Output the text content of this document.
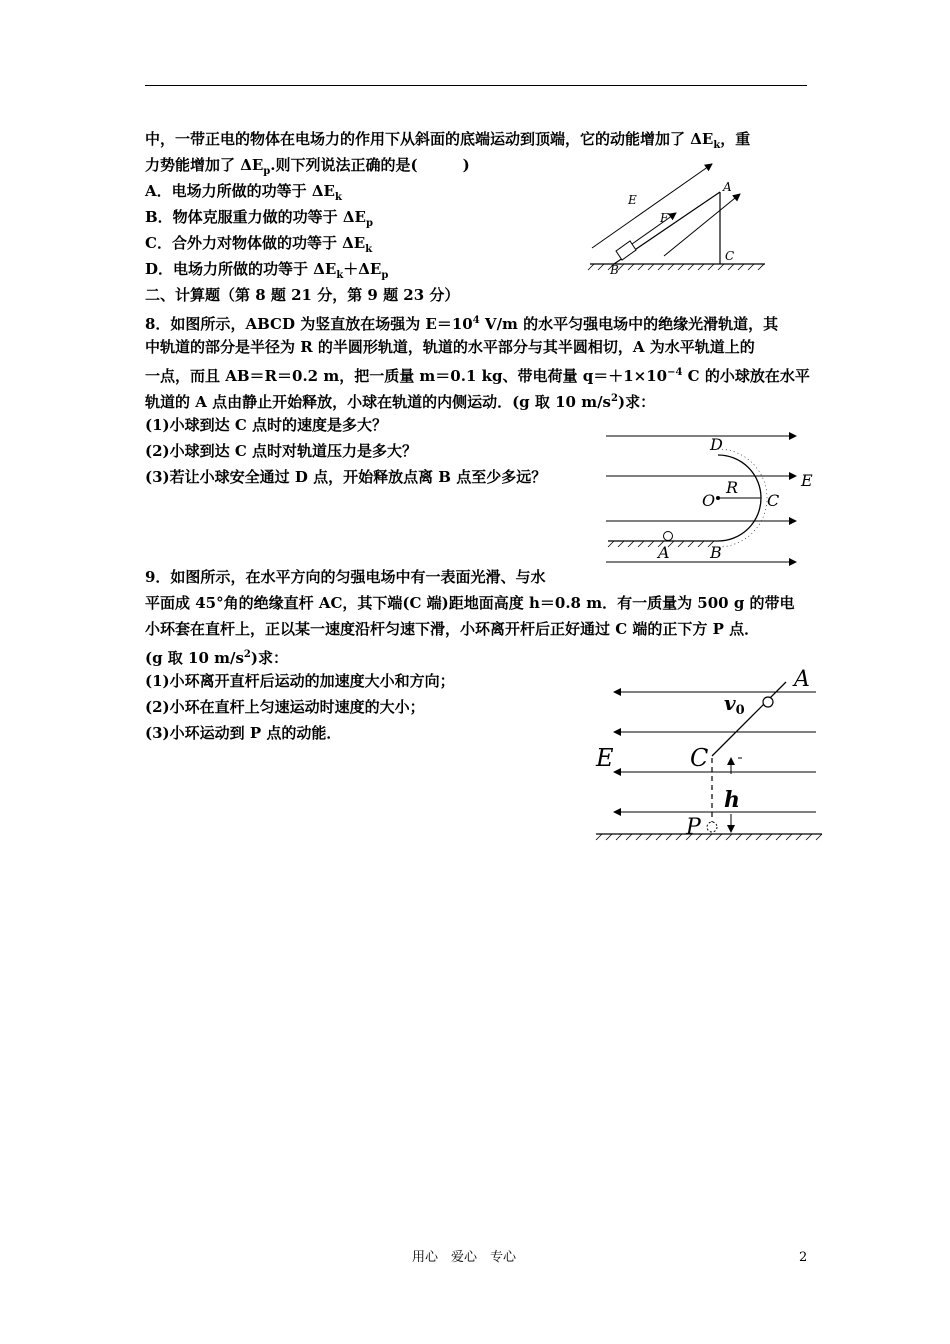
中，一带正电的物体在电场力的作用下从斜面的底端运动到顶端，它的动能增加了 $\Delta E_k$，重
力势能增加了 $\Delta E_p$.则下列说法正确的是(　　　)
A．电场力所做的功等于 $\Delta E_k$
B．物体克服重力做的功等于 $\Delta E_p$
C．合外力对物体做的功等于 $\Delta E_k$
D．电场力所做的功等于 $\Delta E_k+\Delta E_p$
二、计算题（第 8 题 21 分，第 9 题 23 分）
8．如图所示，ABCD 为竖直放在场强为 $E=10^4$ V/m 的水平匀强电场中的绝缘光滑轨道，其
中轨道的部分是半径为 R 的半圆形轨道，轨道的水平部分与其半圆相切，A 为水平轨道上的
一点，而且 AB＝R＝0.2 m，把一质量 m＝0.1 kg、带电荷量 $q=+1\times 10^{-4}$ C 的小球放在水平
轨道的 A 点由静止开始释放，小球在轨道的内侧运动．(g 取 10 $m/s^2$)求：
(1)小球到达 C 点时的速度是多大？
(2)小球到达 C 点时对轨道压力是多大？
(3)若让小球安全通过 D 点，开始释放点离 B 点至少多远？
9．如图所示，在水平方向的匀强电场中有一表面光滑、与水
平面成 45°角的绝缘直杆 AC，其下端(C 端)距地面高度 h＝0.8 m．有一质量为 500 g 的带电
小环套在直杆上，正以某一速度沿杆匀速下滑，小环离开杆后正好通过 C 端的正下方 P 点．
(g 取 10 $m/s^2$)求：
(1)小环离开直杆后运动的加速度大小和方向；
(2)小环在直杆上匀速运动时速度的大小；
(3)小环运动到 P 点的动能．
E
F
A
B
C
D
O
R
C
E
A	B
A
$v_0$
E	C
h
P
用心　爱心　专心	2
